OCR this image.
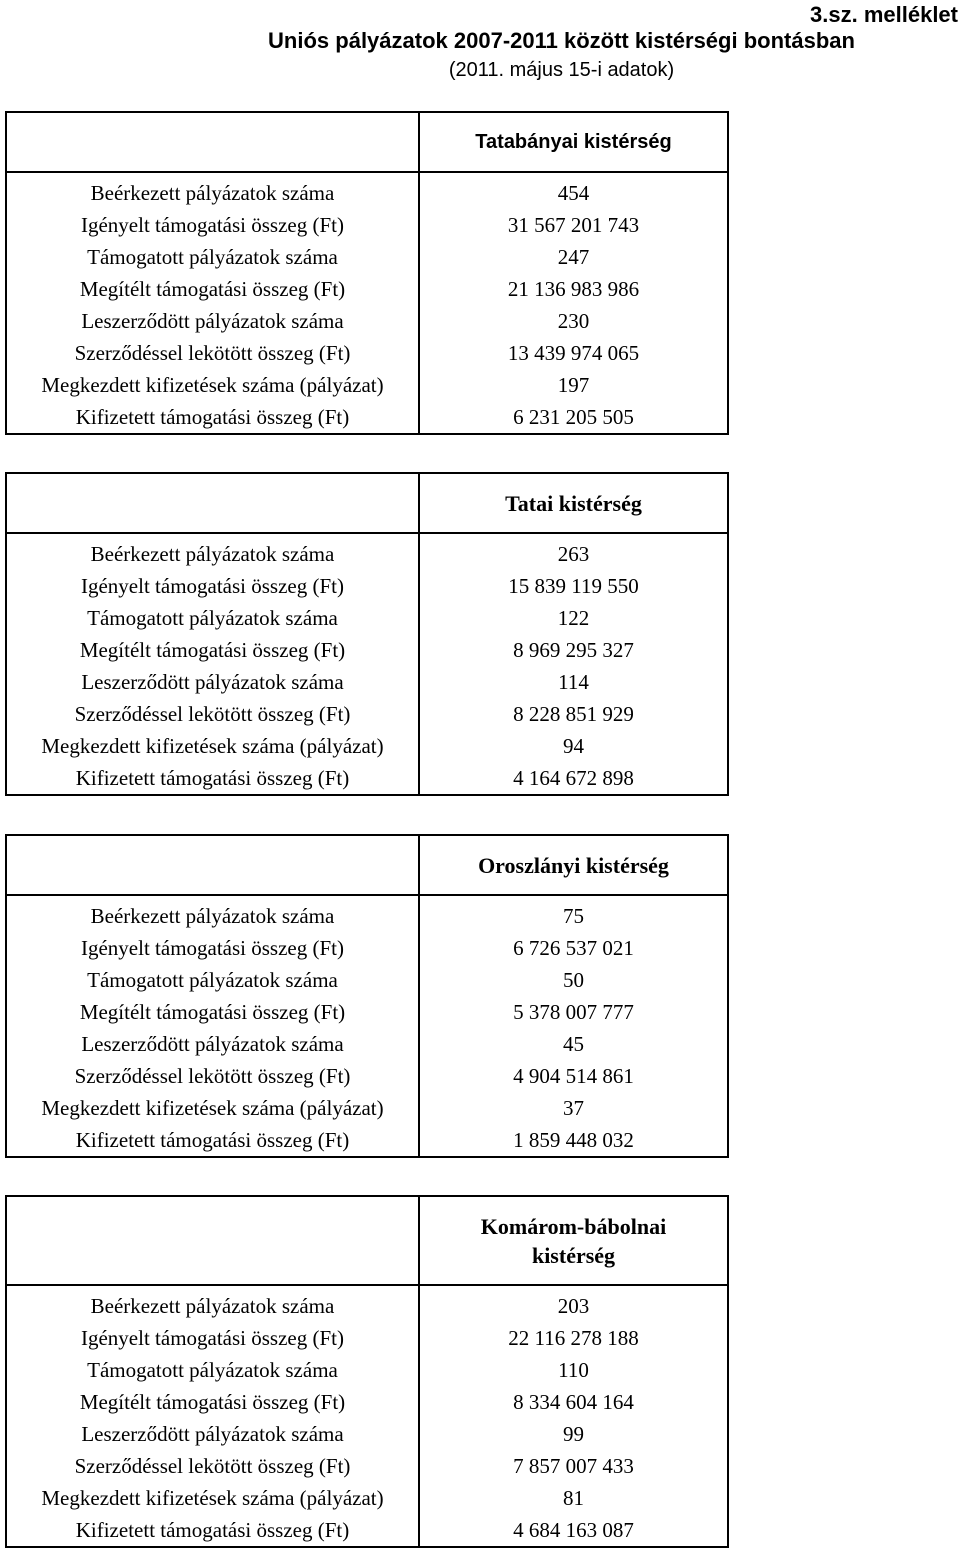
3.sz. melléklet
Uniós pályázatok 2007-2011 között kistérségi bontásban
(2011. május 15-i adatok)
	Tatabányai kistérség
Beérkezett pályázatok száma	454
Igényelt támogatási összeg (Ft)	31 567 201 743
Támogatott pályázatok száma	247
Megítélt támogatási összeg (Ft)	21 136 983 986
Leszerződött pályázatok száma	230
Szerződéssel lekötött összeg (Ft)	13 439 974 065
Megkezdett kifizetések száma (pályázat)	197
Kifizetett támogatási összeg (Ft)	6 231 205 505
	Tatai kistérség
Beérkezett pályázatok száma	263
Igényelt támogatási összeg (Ft)	15 839 119 550
Támogatott pályázatok száma	122
Megítélt támogatási összeg (Ft)	8 969 295 327
Leszerződött pályázatok száma	114
Szerződéssel lekötött összeg (Ft)	8 228 851 929
Megkezdett kifizetések száma (pályázat)	94
Kifizetett támogatási összeg (Ft)	4 164 672 898
	Oroszlányi kistérség
Beérkezett pályázatok száma	75
Igényelt támogatási összeg (Ft)	6 726 537 021
Támogatott pályázatok száma	50
Megítélt támogatási összeg (Ft)	5 378 007 777
Leszerződött pályázatok száma	45
Szerződéssel lekötött összeg (Ft)	4 904 514 861
Megkezdett kifizetések száma (pályázat)	37
Kifizetett támogatási összeg (Ft)	1 859 448 032

	Komárom-bábolnai
kistérség

Beérkezett pályázatok száma	203
Igényelt támogatási összeg (Ft)	22 116 278 188
Támogatott pályázatok száma	110
Megítélt támogatási összeg (Ft)	8 334 604 164
Leszerződött pályázatok száma	99
Szerződéssel lekötött összeg (Ft)	7 857 007 433
Megkezdett kifizetések száma (pályázat)	81
Kifizetett támogatási összeg (Ft)	4 684 163 087
